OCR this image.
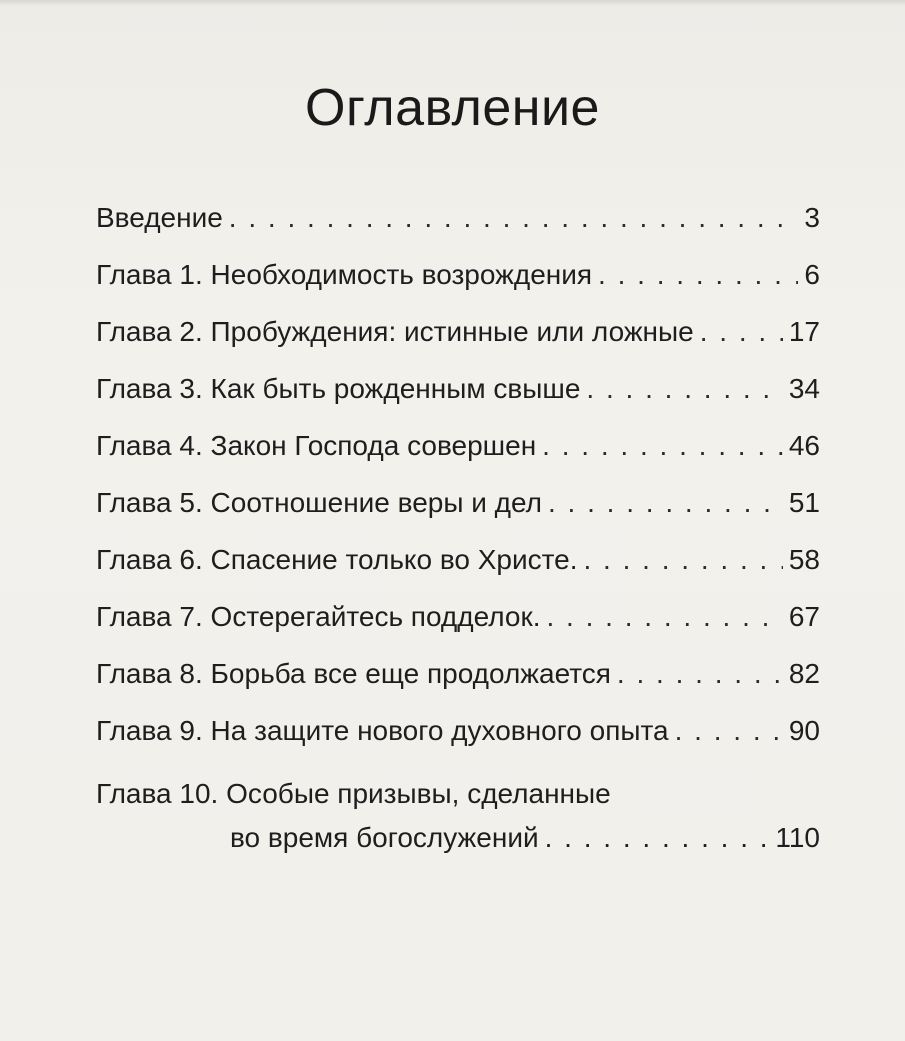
Оглавление
Введение . . .	3
Глава 1. Необходимость возрождения . . .	6
Глава 2. Пробуждения: истинные или ложные . . .	17
Глава 3. Как быть рожденным свыше . . .	34
Глава 4. Закон Господа совершен . . .	46
Глава 5. Соотношение веры и дел . . .	51
Глава 6. Спасение только во Христе. . . .	58
Глава 7. Остерегайтесь подделок. . . .	67
Глава 8. Борьба все еще продолжается . . .	82
Глава 9. На защите нового духовного опыта . . .	90
Глава 10. Особые призывы, сделанные
во время богослужений . . .	110
